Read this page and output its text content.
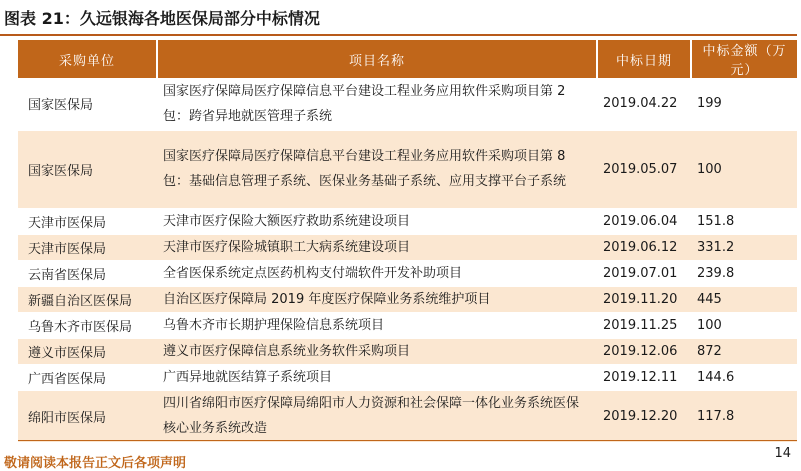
图表 21：久远银海各地医保局部分中标情况
采购单位	项目名称	中标日期	中标金额（万元）
国家医保局	国家医疗保障局医疗保障信息平台建设工程业务应用软件采购项目第 2 包：跨省异地就医管理子系统	2019.04.22	199
国家医保局	国家医疗保障局医疗保障信息平台建设工程业务应用软件采购项目第 8 包：基础信息管理子系统、医保业务基础子系统、应用支撑平台子系统	2019.05.07	100
天津市医保局	天津市医疗保险大额医疗救助系统建设项目	2019.06.04	151.8
天津市医保局	天津市医疗保险城镇职工大病系统建设项目	2019.06.12	331.2
云南省医保局	全省医保系统定点医药机构支付端软件开发补助项目	2019.07.01	239.8
新疆自治区医保局	自治区医疗保障局 2019 年度医疗保障业务系统维护项目	2019.11.20	445
乌鲁木齐市医保局	乌鲁木齐市长期护理保险信息系统项目	2019.11.25	100
遵义市医保局	遵义市医疗保障信息系统业务软件采购项目	2019.12.06	872
广西省医保局	广西异地就医结算子系统项目	2019.12.11	144.6
绵阳市医保局	四川省绵阳市医疗保障局绵阳市人力资源和社会保障一体化业务系统医保核心业务系统改造	2019.12.20	117.8
敬请阅读本报告正文后各项声明
14
